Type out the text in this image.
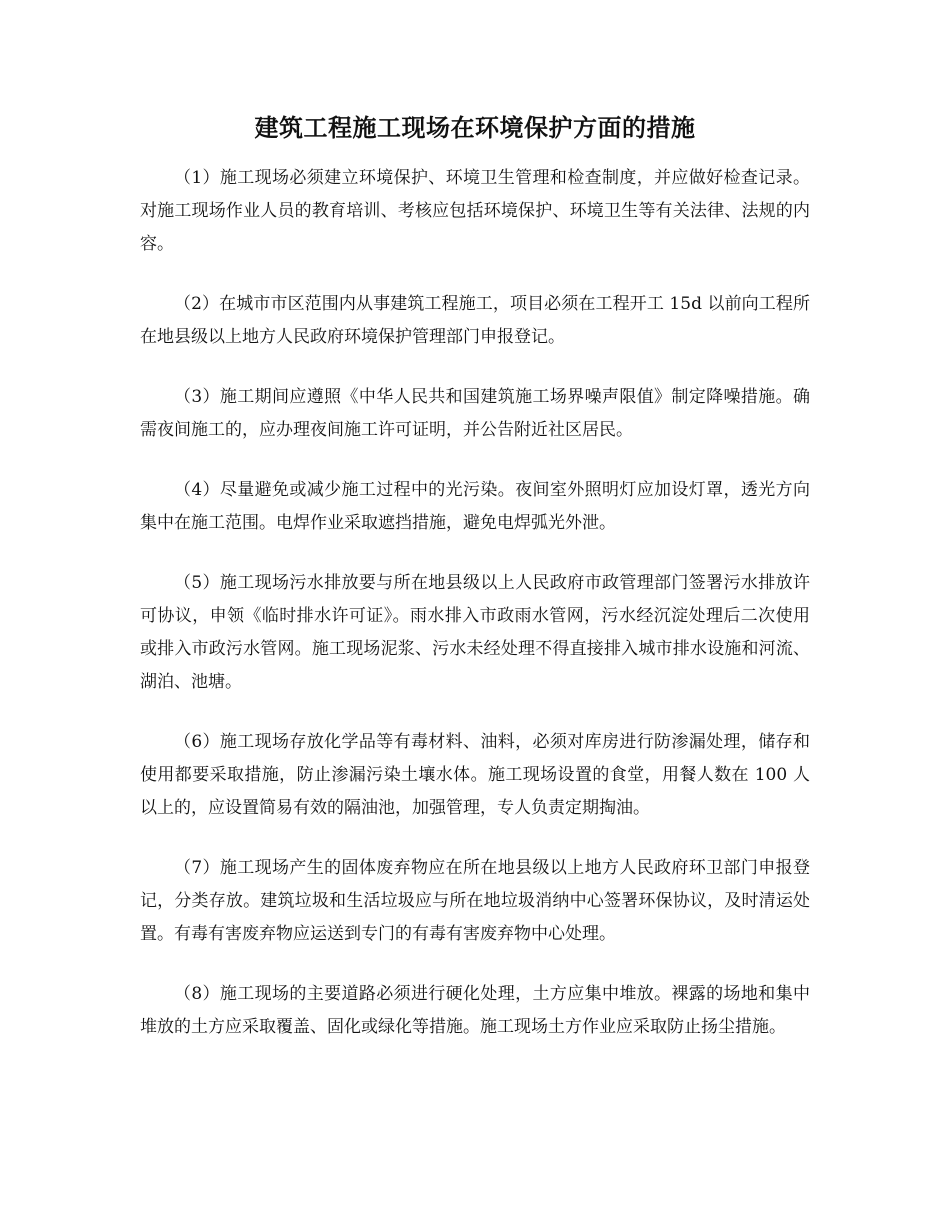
建筑工程施工现场在环境保护方面的措施

（1）施工现场必须建立环境保护、环境卫生管理和检查制度，并应做好检查记录。对施工现场作业人员的教育培训、考核应包括环境保护、环境卫生等有关法律、法规的内容。

（2）在城市市区范围内从事建筑工程施工，项目必须在工程开工 15d 以前向工程所在地县级以上地方人民政府环境保护管理部门申报登记。

（3）施工期间应遵照《中华人民共和国建筑施工场界噪声限值》制定降噪措施。确需夜间施工的，应办理夜间施工许可证明，并公告附近社区居民。

（4）尽量避免或减少施工过程中的光污染。夜间室外照明灯应加设灯罩，透光方向集中在施工范围。电焊作业采取遮挡措施，避免电焊弧光外泄。

（5）施工现场污水排放要与所在地县级以上人民政府市政管理部门签署污水排放许可协议，申领《临时排水许可证》。雨水排入市政雨水管网，污水经沉淀处理后二次使用或排入市政污水管网。施工现场泥浆、污水未经处理不得直接排入城市排水设施和河流、湖泊、池塘。

（6）施工现场存放化学品等有毒材料、油料，必须对库房进行防渗漏处理，储存和使用都要采取措施，防止渗漏污染土壤水体。施工现场设置的食堂，用餐人数在 100 人以上的，应设置简易有效的隔油池，加强管理，专人负责定期掏油。

（7）施工现场产生的固体废弃物应在所在地县级以上地方人民政府环卫部门申报登记，分类存放。建筑垃圾和生活垃圾应与所在地垃圾消纳中心签署环保协议，及时清运处置。有毒有害废弃物应运送到专门的有毒有害废弃物中心处理。

（8）施工现场的主要道路必须进行硬化处理，土方应集中堆放。裸露的场地和集中堆放的土方应采取覆盖、固化或绿化等措施。施工现场土方作业应采取防止扬尘措施。
